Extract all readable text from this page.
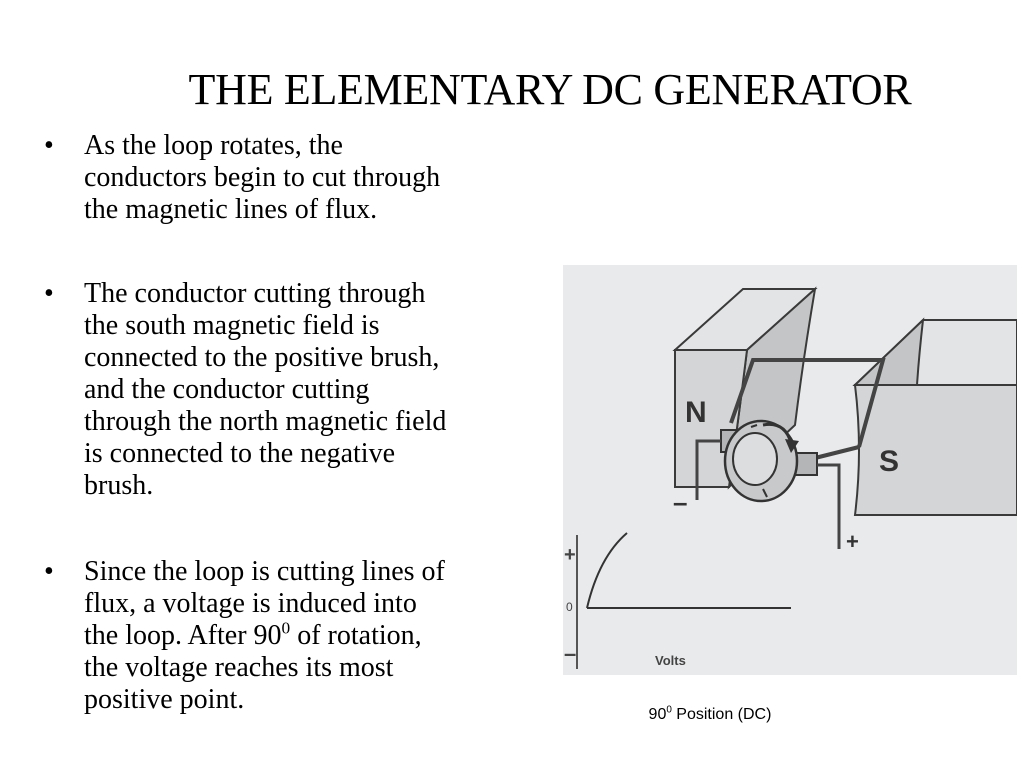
THE ELEMENTARY DC GENERATOR
• As the loop rotates, the
conductors begin to cut through
the magnetic lines of flux.
• The conductor cutting through
the south magnetic field is
connected to the positive brush,
and the conductor cutting
through the north magnetic field
is connected to the negative
brush.
• Since the loop is cutting lines of
flux, a voltage is induced into
the loop. After $90^0$ of rotation,
the voltage reaches its most
positive point.
N
S
–
+
+
0
–	Volts
$90^0$ Position (DC)
